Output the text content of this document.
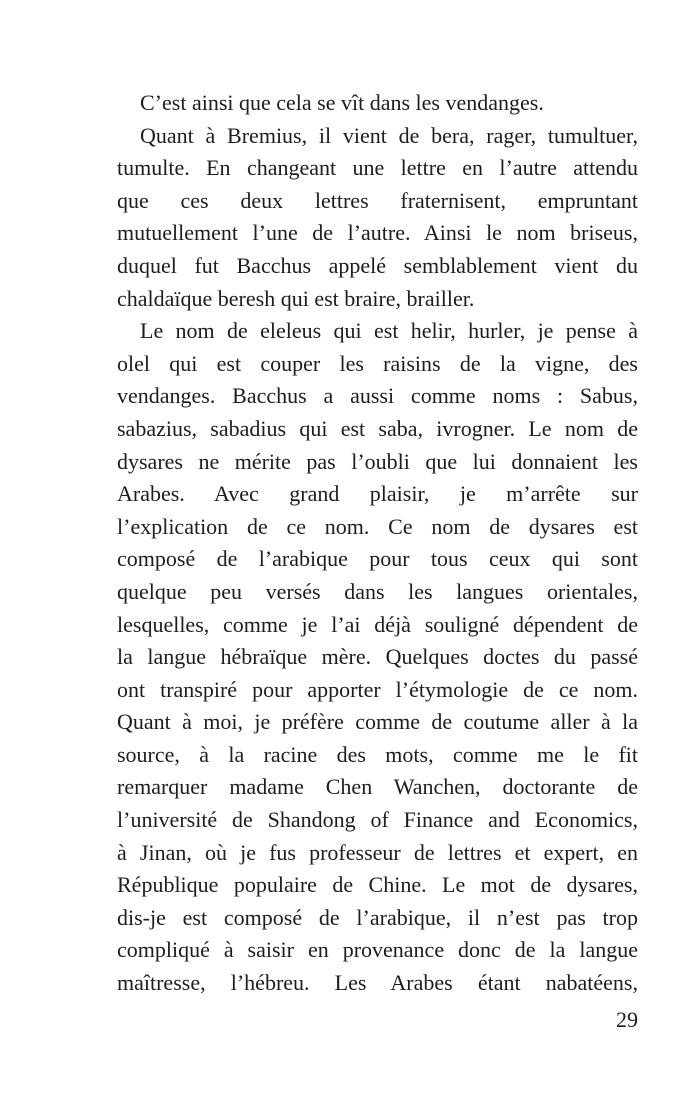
C’est ainsi que cela se vît dans les vendanges.
Quant à Bremius, il vient de bera, rager, tumultuer,
tumulte. En changeant une lettre en l’autre attendu
que ces deux lettres fraternisent, empruntant
mutuellement l’une de l’autre. Ainsi le nom briseus,
duquel fut Bacchus appelé semblablement vient du
chaldaïque beresh qui est braire, brailler.
Le nom de eleleus qui est helir, hurler, je pense à
olel qui est couper les raisins de la vigne, des
vendanges. Bacchus a aussi comme noms : Sabus,
sabazius, sabadius qui est saba, ivrogner. Le nom de
dysares ne mérite pas l’oubli que lui donnaient les
Arabes. Avec grand plaisir, je m’arrête sur
l’explication de ce nom. Ce nom de dysares est
composé de l’arabique pour tous ceux qui sont
quelque peu versés dans les langues orientales,
lesquelles, comme je l’ai déjà souligné dépendent de
la langue hébraïque mère. Quelques doctes du passé
ont transpiré pour apporter l’étymologie de ce nom.
Quant à moi, je préfère comme de coutume aller à la
source, à la racine des mots, comme me le fit
remarquer madame Chen Wanchen, doctorante de
l’université de Shandong of Finance and Economics,
à Jinan, où je fus professeur de lettres et expert, en
République populaire de Chine. Le mot de dysares,
dis-je est composé de l’arabique, il n’est pas trop
compliqué à saisir en provenance donc de la langue
maîtresse, l’hébreu. Les Arabes étant nabatéens,
29
